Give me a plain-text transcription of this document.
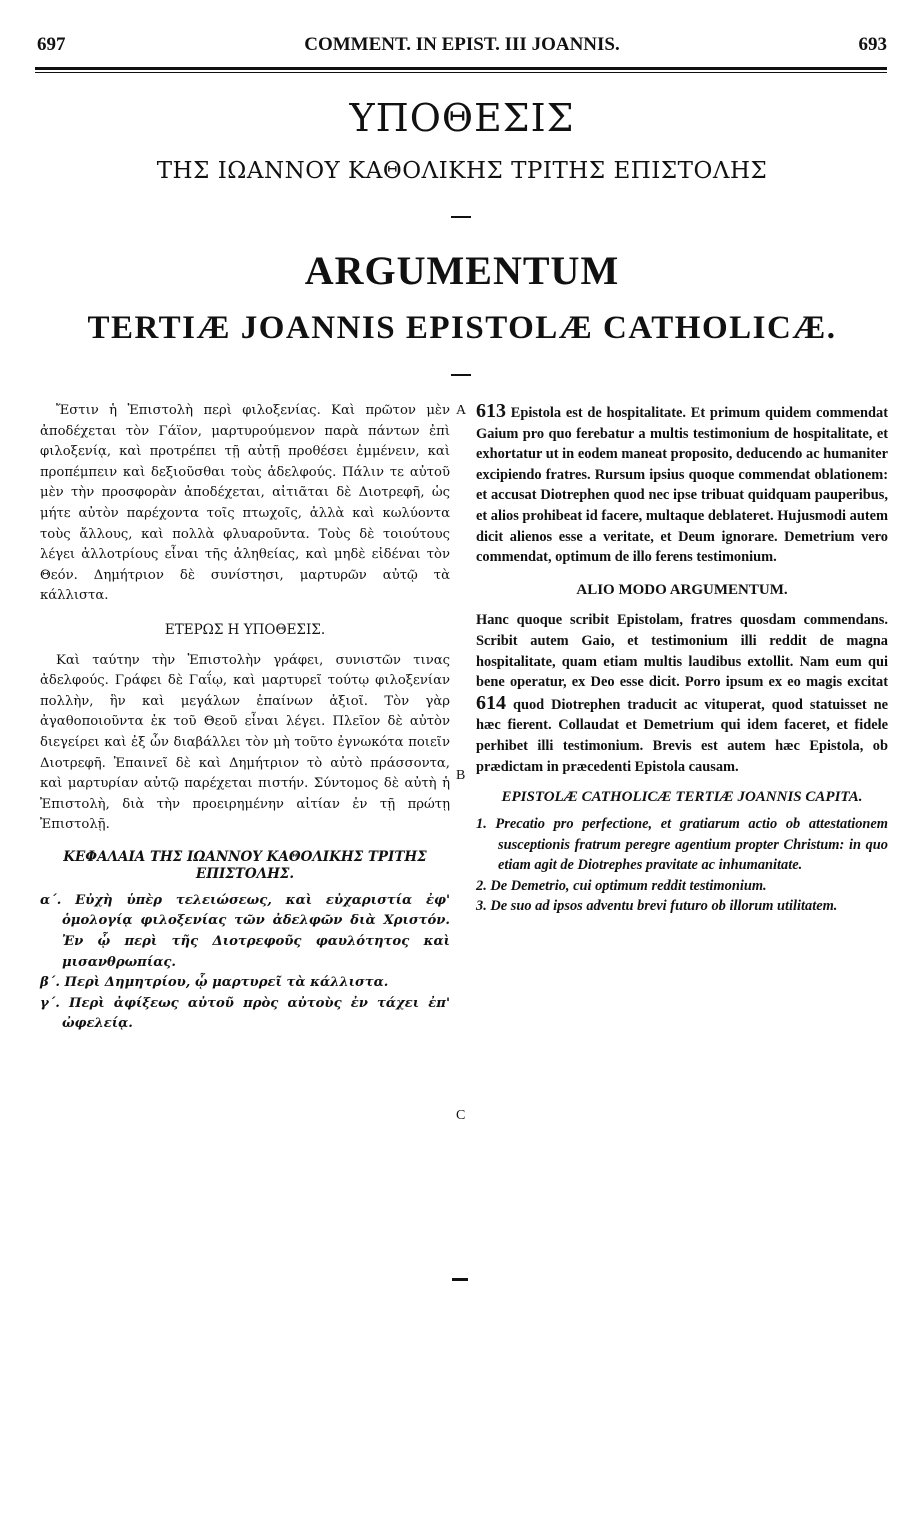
697	COMMENT. IN EPIST. III JOANNIS.	693
ΥΠΟΘΕΣΙΣ
ΤΗΣ ΙΩΑΝΝΟΥ ΚΑΘΟΛΙΚΗΣ ΤΡΙΤΗΣ ΕΠΙΣΤΟΛΗΣ
ARGUMENTUM
TERTIÆ JOANNIS EPISTOLÆ CATHOLICÆ.
A
B
C

Ἔστιν ἡ Ἐπιστολὴ περὶ φιλοξενίας. Καὶ πρῶτον μὲν ἀποδέχεται τὸν Γάϊον, μαρτυρούμενον παρὰ πάντων ἐπὶ φιλοξενίᾳ, καὶ προτρέπει τῇ αὐτῇ προθέσει ἐμμένειν, καὶ προπέμπειν καὶ δεξιοῦσθαι τοὺς ἀδελφούς. Πάλιν τε αὐτοῦ μὲν τὴν προσφορὰν ἀποδέχεται, αἰτιᾶται δὲ Διοτρεφῆ, ὡς μήτε αὐτὸν παρέχοντα τοῖς πτωχοῖς, ἀλλὰ καὶ κωλύοντα τοὺς ἄλλους, καὶ πολλὰ φλυαροῦντα. Τοὺς δὲ τοιούτους λέγει ἀλλοτρίους εἶναι τῆς ἀληθείας, καὶ μηδὲ εἰδέναι τὸν Θεόν. Δημήτριον δὲ συνίστησι, μαρτυρῶν αὐτῷ τὰ κάλλιστα.

ΕΤΕΡΩΣ Η ΥΠΟΘΕΣΙΣ.

Καὶ ταύτην τὴν Ἐπιστολὴν γράφει, συνιστῶν τινας ἀδελφούς. Γράφει δὲ Γαΐῳ, καὶ μαρτυρεῖ τούτῳ φιλοξενίαν πολλὴν, ἣν καὶ μεγάλων ἐπαίνων ἀξιοῖ. Τὸν γὰρ ἀγαθοποιοῦντα ἐκ τοῦ Θεοῦ εἶναι λέγει. Πλεῖον δὲ αὐτὸν διεγείρει καὶ ἐξ ὧν διαβάλλει τὸν μὴ τοῦτο ἐγνωκότα ποιεῖν Διοτρεφῆ. Ἐπαινεῖ δὲ καὶ Δημήτριον τὸ αὐτὸ πράσσοντα, καὶ μαρτυρίαν αὐτῷ παρέχεται πιστήν. Σύντομος δὲ αὐτὴ ἡ Ἐπιστολὴ, διὰ τὴν προειρημένην αἰτίαν ἐν τῇ πρώτῃ Ἐπιστολῇ.

ΚΕΦΑΛΑΙΑ ΤΗΣ ΙΩΑΝΝΟΥ ΚΑΘΟΛΙΚΗΣ ΤΡΙΤΗΣ ΕΠΙΣΤΟΛΗΣ.

α΄. Εὐχὴ ὑπὲρ τελειώσεως, καὶ εὐχαριστία ἐφ' ὁμολογίᾳ φιλοξενίας τῶν ἀδελφῶν διὰ Χριστόν. Ἐν ᾧ περὶ τῆς Διοτρεφοῦς φαυλότητος καὶ μισανθρωπίας.

β΄. Περὶ Δημητρίου, ᾧ μαρτυρεῖ τὰ κάλλιστα.

γ΄. Περὶ ἀφίξεως αὐτοῦ πρὸς αὐτοὺς ἐν τάχει ἐπ' ὠφελείᾳ.

613 Epistola est de hospitalitate. Et primum quidem commendat Gaium pro quo ferebatur a multis testimonium de hospitalitate, et exhortatur ut in eodem maneat proposito, deducendo ac humaniter excipiendo fratres. Rursum ipsius quoque commendat oblationem: et accusat Diotrephen quod nec ipse tribuat quidquam pauperibus, et alios prohibeat id facere, multaque deblateret. Hujusmodi autem dicit alienos esse a veritate, et Deum ignorare. Demetrium vero commendat, optimum de illo ferens testimonium.

ALIO MODO ARGUMENTUM.

Hanc quoque scribit Epistolam, fratres quosdam commendans. Scribit autem Gaio, et testimonium illi reddit de magna hospitalitate, quam etiam multis laudibus extollit. Nam eum qui bene operatur, ex Deo esse dicit. Porro ipsum ex eo magis excitat 614 quod Diotrephen traducit ac vituperat, quod statuisset ne hæc fierent. Collaudat et Demetrium qui idem faceret, et fidele perhibet illi testimonium. Brevis est autem hæc Epistola, ob prædictam in præcedenti Epistola causam.

EPISTOLÆ CATHOLICÆ TERTIÆ JOANNIS CAPITA.

1. Precatio pro perfectione, et gratiarum actio ob attestationem susceptionis fratrum peregre agentium propter Christum: in quo etiam agit de Diotrephes pravitate ac inhumanitate.

2. De Demetrio, cui optimum reddit testimonium.

3. De suo ad ipsos adventu brevi futuro ob illorum utilitatem.
